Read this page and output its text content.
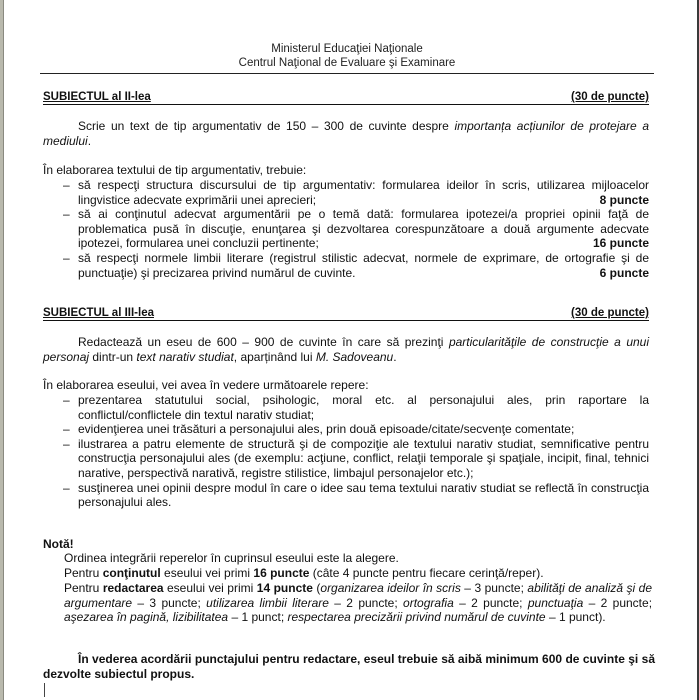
Ministerul Educaţiei Naţionale
Centrul Naţional de Evaluare şi Examinare
SUBIECTUL al II-lea	(30 de puncte)
Scrie un text de tip argumentativ de 150 – 300 de cuvinte despre importanța acțiunilor de protejare a mediului.
În elaborarea textului de tip argumentativ, trebuie:
– să respecţi structura discursului de tip argumentativ: formularea ideilor în scris, utilizarea mijloacelor lingvistice adecvate exprimării unei aprecieri;	8 puncte
– să ai conţinutul adecvat argumentării pe o temă dată: formularea ipotezei/a propriei opinii faţă de problematica pusă în discuţie, enunţarea şi dezvoltarea corespunzătoare a două argumente adecvate ipotezei, formularea unei concluzii pertinente;	16 puncte
– să respecţi normele limbii literare (registrul stilistic adecvat, normele de exprimare, de ortografie şi de punctuaţie) şi precizarea privind numărul de cuvinte.	6 puncte
SUBIECTUL al III-lea	(30 de puncte)
Redactează un eseu de 600 – 900 de cuvinte în care să prezinţi particularităţile de construcţie a unui personaj dintr-un text narativ studiat, aparținând lui M. Sadoveanu.
În elaborarea eseului, vei avea în vedere următoarele repere:
– prezentarea statutului social, psihologic, moral etc. al personajului ales, prin raportare la conflictul/conflictele din textul narativ studiat;
– evidenţierea unei trăsături a personajului ales, prin două episoade/citate/secvenţe comentate;
– ilustrarea a patru elemente de structură şi de compoziţie ale textului narativ studiat, semnificative pentru construcţia personajului ales (de exemplu: acţiune, conflict, relaţii temporale şi spaţiale, incipit, final, tehnici narative, perspectivă narativă, registre stilistice, limbajul personajelor etc.);
– susţinerea unei opinii despre modul în care o idee sau tema textului narativ studiat se reflectă în construcţia personajului ales.
Notă!
Ordinea integrării reperelor în cuprinsul eseului este la alegere.
Pentru conţinutul eseului vei primi 16 puncte (câte 4 puncte pentru fiecare cerinţă/reper).
Pentru redactarea eseului vei primi 14 puncte (organizarea ideilor în scris – 3 puncte; abilităţi de analiză şi de argumentare – 3 puncte; utilizarea limbii literare – 2 puncte; ortografia – 2 puncte; punctuaţia – 2 puncte; aşezarea în pagină, lizibilitatea – 1 punct; respectarea precizării privind numărul de cuvinte – 1 punct).
În vederea acordării punctajului pentru redactare, eseul trebuie să aibă minimum 600 de cuvinte şi să dezvolte subiectul propus.
